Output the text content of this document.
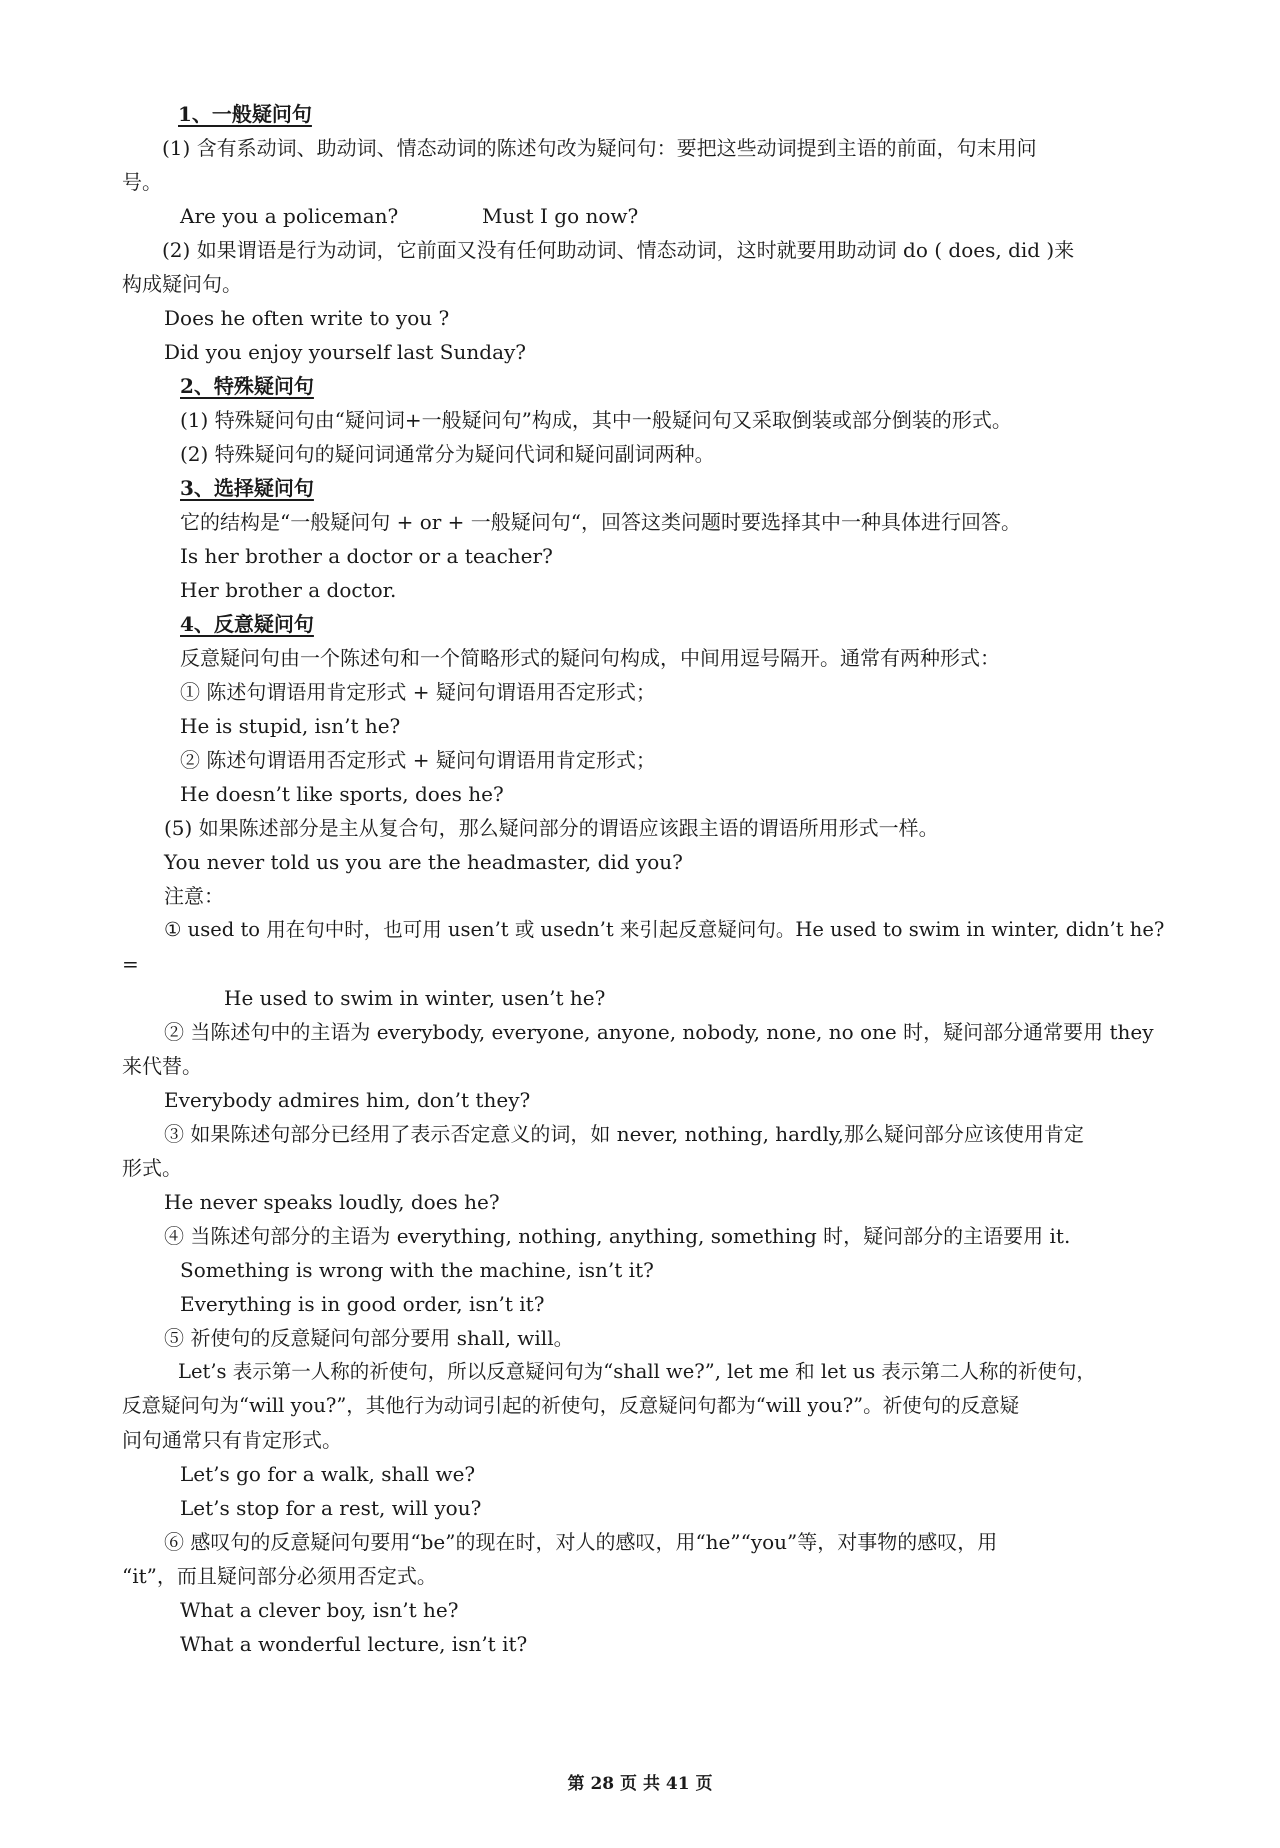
1、一般疑问句
(1) 含有系动词、助动词、情态动词的陈述句改为疑问句：要把这些动词提到主语的前面，句末用问
号。
Are you a policeman?	Must I go now?
(2) 如果谓语是行为动词，它前面又没有任何助动词、情态动词，这时就要用助动词 do ( does, did )来
构成疑问句。
Does he often write to you ?
Did you enjoy yourself last Sunday?
2、特殊疑问句
(1) 特殊疑问句由“疑问词+一般疑问句”构成，其中一般疑问句又采取倒装或部分倒装的形式。
(2) 特殊疑问句的疑问词通常分为疑问代词和疑问副词两种。
3、选择疑问句
它的结构是“一般疑问句 + or + 一般疑问句“，回答这类问题时要选择其中一种具体进行回答。
Is her brother a doctor or a teacher?
Her brother a doctor.
4、反意疑问句
反意疑问句由一个陈述句和一个简略形式的疑问句构成，中间用逗号隔开。通常有两种形式：
① 陈述句谓语用肯定形式 + 疑问句谓语用否定形式；
He is stupid, isn’t he?
② 陈述句谓语用否定形式 + 疑问句谓语用肯定形式；
He doesn’t like sports, does he?
(5) 如果陈述部分是主从复合句，那么疑问部分的谓语应该跟主语的谓语所用形式一样。
You never told us you are the headmaster, did you?
注意：
① used to 用在句中时，也可用 usen’t 或 usedn’t 来引起反意疑问句。He used to swim in winter, didn’t he?
=
He used to swim in winter, usen’t he?
② 当陈述句中的主语为 everybody, everyone, anyone, nobody, none, no one 时，疑问部分通常要用 they
来代替。
Everybody admires him, don’t they?
③ 如果陈述句部分已经用了表示否定意义的词，如 never, nothing, hardly,那么疑问部分应该使用肯定
形式。
He never speaks loudly, does he?
④ 当陈述句部分的主语为 everything, nothing, anything, something 时，疑问部分的主语要用 it.
Something is wrong with the machine, isn’t it?
Everything is in good order, isn’t it?
⑤ 祈使句的反意疑问句部分要用 shall, will。
Let’s 表示第一人称的祈使句，所以反意疑问句为“shall we?”, let me 和 let us 表示第二人称的祈使句，
反意疑问句为“will you?”，其他行为动词引起的祈使句，反意疑问句都为“will you?”。祈使句的反意疑
问句通常只有肯定形式。
Let’s go for a walk, shall we?
Let’s stop for a rest, will you?
⑥ 感叹句的反意疑问句要用“be”的现在时，对人的感叹，用“he”“you”等，对事物的感叹，用
“it”，而且疑问部分必须用否定式。
What a clever boy, isn’t he?
What a wonderful lecture, isn’t it?
第 28 页 共 41 页
